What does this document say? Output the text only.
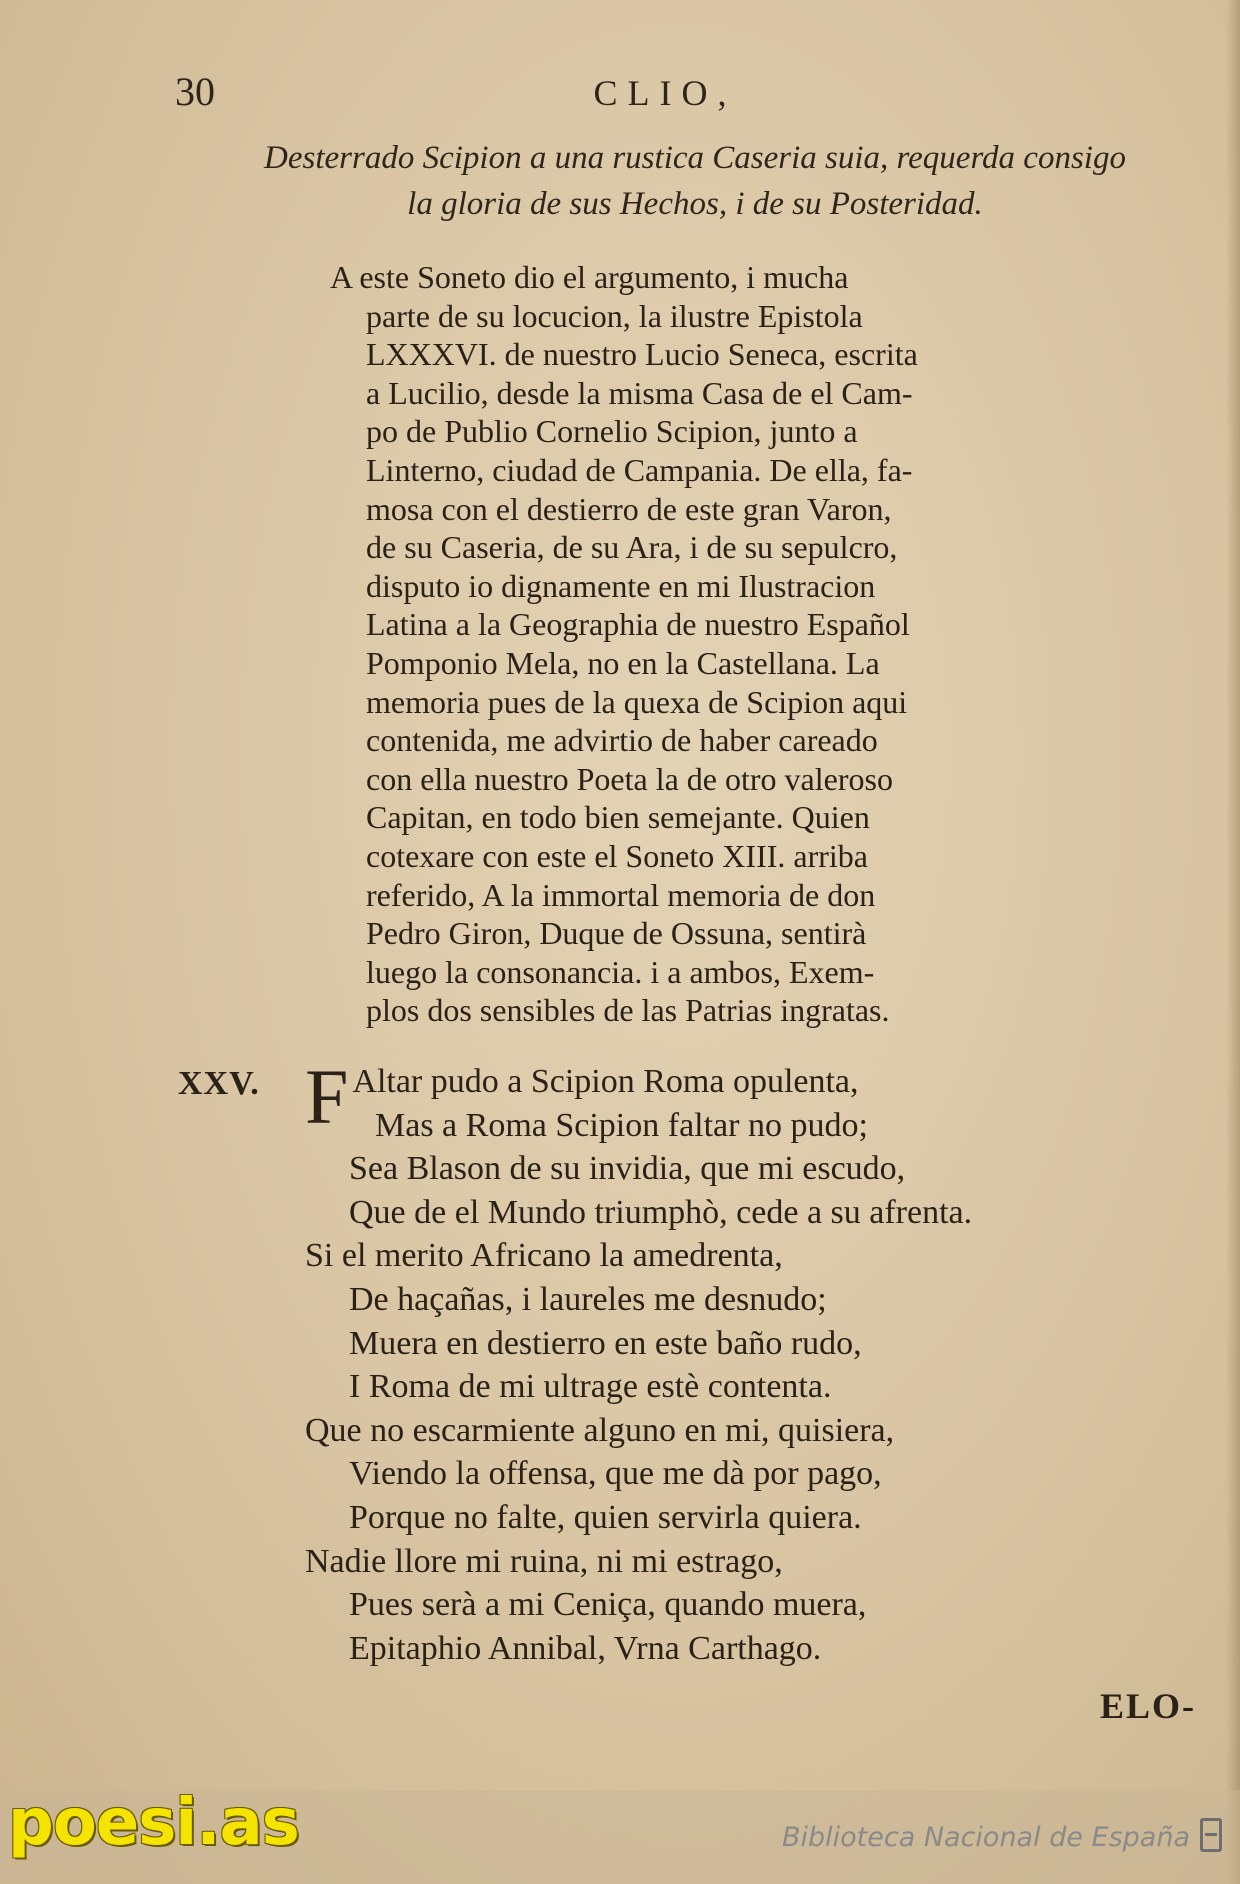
30	CLIO,
Desterrado Scipion a una rustica Caseria suia, requerda consigo
la gloria de sus Hechos, i de su Posteridad.
A este Soneto dio el argumento, i mucha
parte de su locucion, la ilustre Epistola
LXXXVI. de nuestro Lucio Seneca, escrita
a Lucilio, desde la misma Casa de el Cam-
po de Publio Cornelio Scipion, junto a
Linterno, ciudad de Campania. De ella, fa-
mosa con el destierro de este gran Varon,
de su Caseria, de su Ara, i de su sepulcro,
disputo io dignamente en mi Ilustracion
Latina a la Geographia de nuestro Español
Pomponio Mela, no en la Castellana. La
memoria pues de la quexa de Scipion aqui
contenida, me advirtio de haber careado
con ella nuestro Poeta la de otro valeroso
Capitan, en todo bien semejante. Quien
cotexare con este el Soneto XIII. arriba
referido, A la immortal memoria de don
Pedro Giron, Duque de Ossuna, sentirà
luego la consonancia. i a ambos, Exem-
plos dos sensibles de las Patrias ingratas.
XXV. F Altar pudo a Scipion Roma opulenta,
Mas a Roma Scipion faltar no pudo;
Sea Blason de su invidia, que mi escudo,
Que de el Mundo triumphò, cede a su afrenta.
Si el merito Africano la amedrenta,
De haçañas, i laureles me desnudo;
Muera en destierro en este baño rudo,
I Roma de mi ultrage estè contenta.
Que no escarmiente alguno en mi, quisiera,
Viendo la offensa, que me dà por pago,
Porque no falte, quien servirla quiera.
Nadie llore mi ruina, ni mi estrago,
Pues serà a mi Ceniça, quando muera,
Epitaphio Annibal, Vrna Carthago.
ELO-
poesi.as	Biblioteca Nacional de España
